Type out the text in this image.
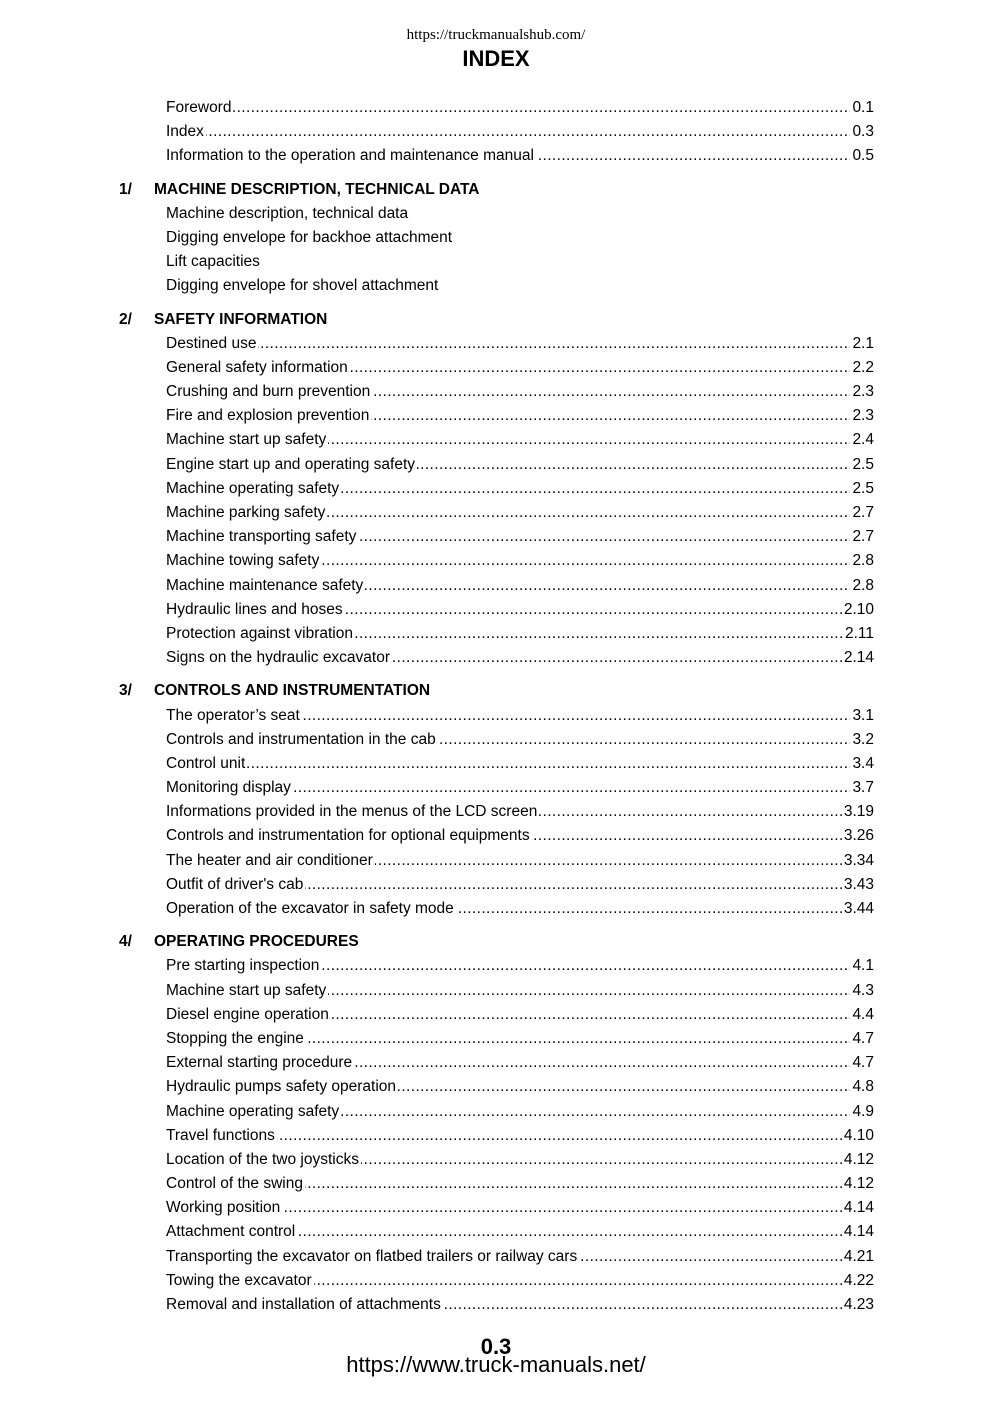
https://truckmanualshub.com/
INDEX
.....
Foreword	0.1
.....
Index	0.3
.....
Information to the operation and maintenance manual	0.5
1/ MACHINE DESCRIPTION, TECHNICAL DATA
Machine description, technical data
Digging envelope for backhoe attachment
Lift capacities
Digging envelope for shovel attachment
2/ SAFETY INFORMATION
.....
Destined use	2.1
.....
General safety information	2.2
.....
Crushing and burn prevention	2.3
.....
Fire and explosion prevention	2.3
.....
Machine start up safety	2.4
.....
Engine start up and operating safety	2.5
.....
Machine operating safety	2.5
.....
Machine parking safety	2.7
.....
Machine transporting safety	2.7
.....
Machine towing safety	2.8
.....
Machine maintenance safety	2.8
.....
Hydraulic lines and hoses	2.10
.....
Protection against vibration	2.11
.....
Signs on the hydraulic excavator	2.14
3/ CONTROLS AND INSTRUMENTATION
.....
The operator’s seat	3.1
.....
Controls and instrumentation in the cab	3.2
.....
Control unit	3.4
.....
Monitoring display	3.7
.....
Informations provided in the menus of the LCD screen	3.19
.....
Controls and instrumentation for optional equipments	3.26
.....
The heater and air conditioner	3.34
.....
Outfit of driver's cab	3.43
.....
Operation of the excavator in safety mode	3.44
4/ OPERATING PROCEDURES
.....
Pre starting inspection	4.1
.....
Machine start up safety	4.3
.....
Diesel engine operation	4.4
.....
Stopping the engine	4.7
.....
External starting procedure	4.7
.....
Hydraulic pumps safety operation	4.8
.....
Machine operating safety	4.9
.....
Travel functions	4.10
.....
Location of the two joysticks	4.12
.....
Control of the swing	4.12
.....
Working position	4.14
.....
Attachment control	4.14
.....
Transporting the excavator on flatbed trailers or railway cars	4.21
.....
Towing the excavator	4.22
.....
Removal and installation of attachments	4.23
0.3
https://www.truck-manuals.net/
